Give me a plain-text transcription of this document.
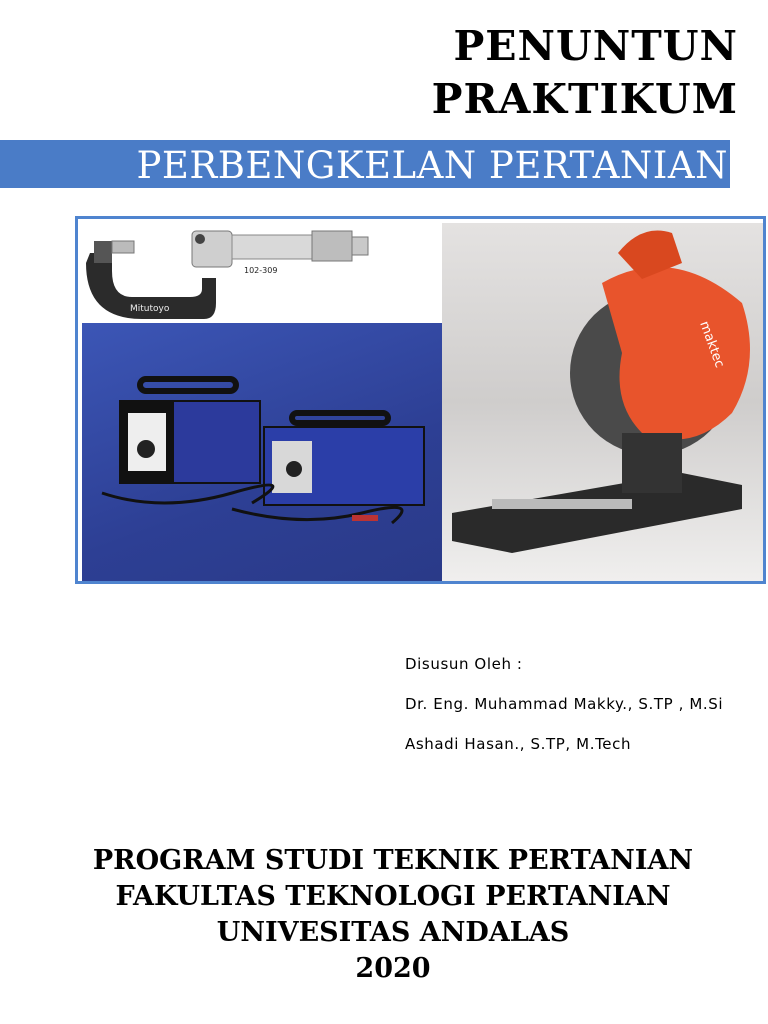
PENUNTUN
PRAKTIKUM
PERBENGKELAN PERTANIAN
102-309
Mitutoyo
maktec
Disusun Oleh :
Dr. Eng. Muhammad Makky., S.TP , M.Si
Ashadi Hasan., S.TP, M.Tech
PROGRAM STUDI TEKNIK PERTANIAN
FAKULTAS TEKNOLOGI PERTANIAN
UNIVESITAS ANDALAS
2020
